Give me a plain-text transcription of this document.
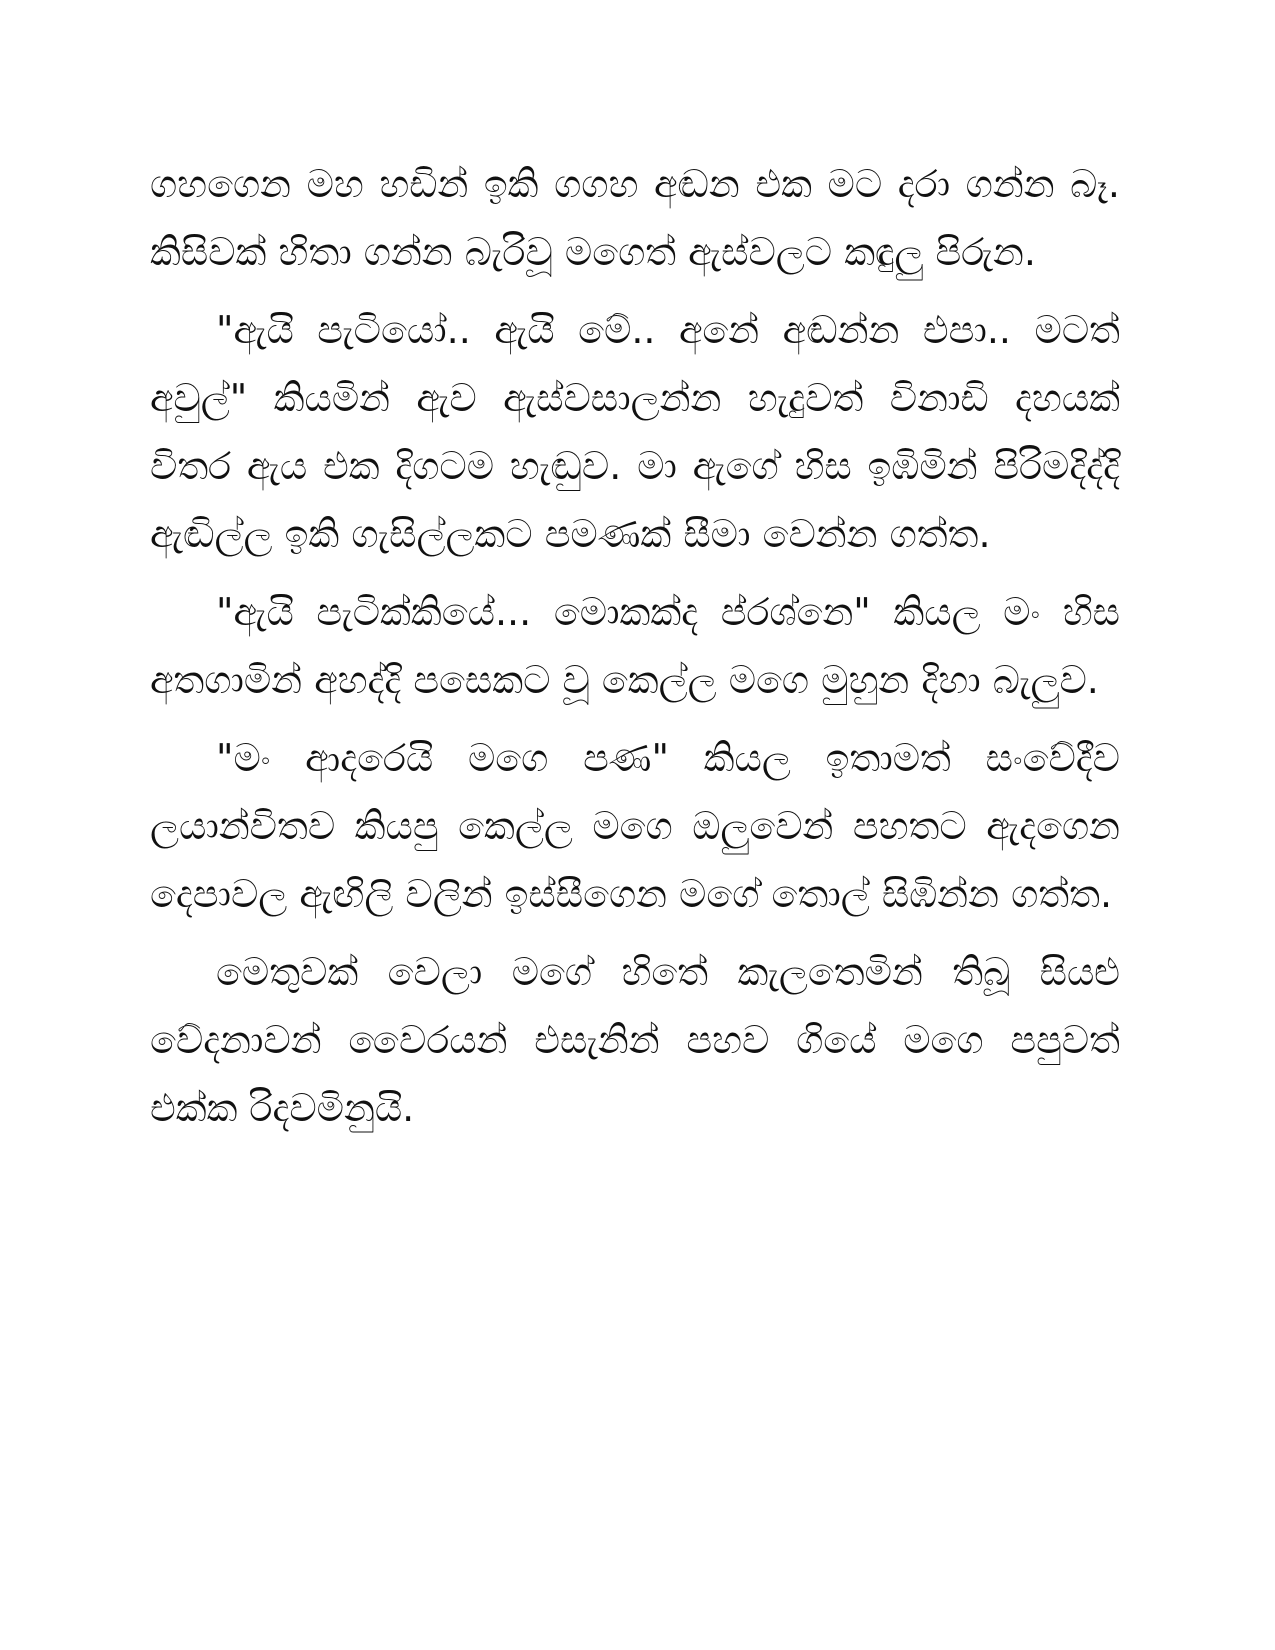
ගහගෙන මහ හඩින් ඉකි ගගහ අඬන එක මට දරා ගන්න බෑ. කිසිවක් හිතා ගන්න බැරිවූ මගෙත් ඇස්වලට කඳුලු පිරුන.

"ඇයි පැටියෝ.. ඇයි මේ.. අනේ අඬන්න එපා.. මටත් අවුල්" කියමින් ඇව ඇස්වසාලන්න හැදුවත් විනාඩි දහයක් විතර ඇය එක දිගටම හැඬුව. මා ඇගේ හිස ඉඹිමින් පිරිමදිද්දි ඇඬිල්ල ඉකි ගැසිල්ලකට පමණක් සීමා වෙන්න ගත්ත.

"ඇයි පැටික්කියේ... මොකක්ද ප්රශ්නෙ" කියල මං හිස අතගාමින් අහද්දි පසෙකට වූ කෙල්ල මගෙ මුහුන දිහා බැලුව.

"මං ආදරෙයි මගෙ පණ" කියල ඉතාමත් සංවේදීව ලයාන්විතව කියපු කෙල්ල මගෙ ඔලුවෙන් පහතට ඇදගෙන දෙපාවල ඇඟිලි වලින් ඉස්සීගෙන මගේ තොල් සිඹින්න ගත්ත.

මෙතුවක් වෙලා මගේ හිතේ කැලතෙමින් තිබූ සියළු වේදනාවන් වෛරයන් එසැනින් පහව ගියේ මගෙ පපුවත් එක්ක රිදවමිනුයි.
